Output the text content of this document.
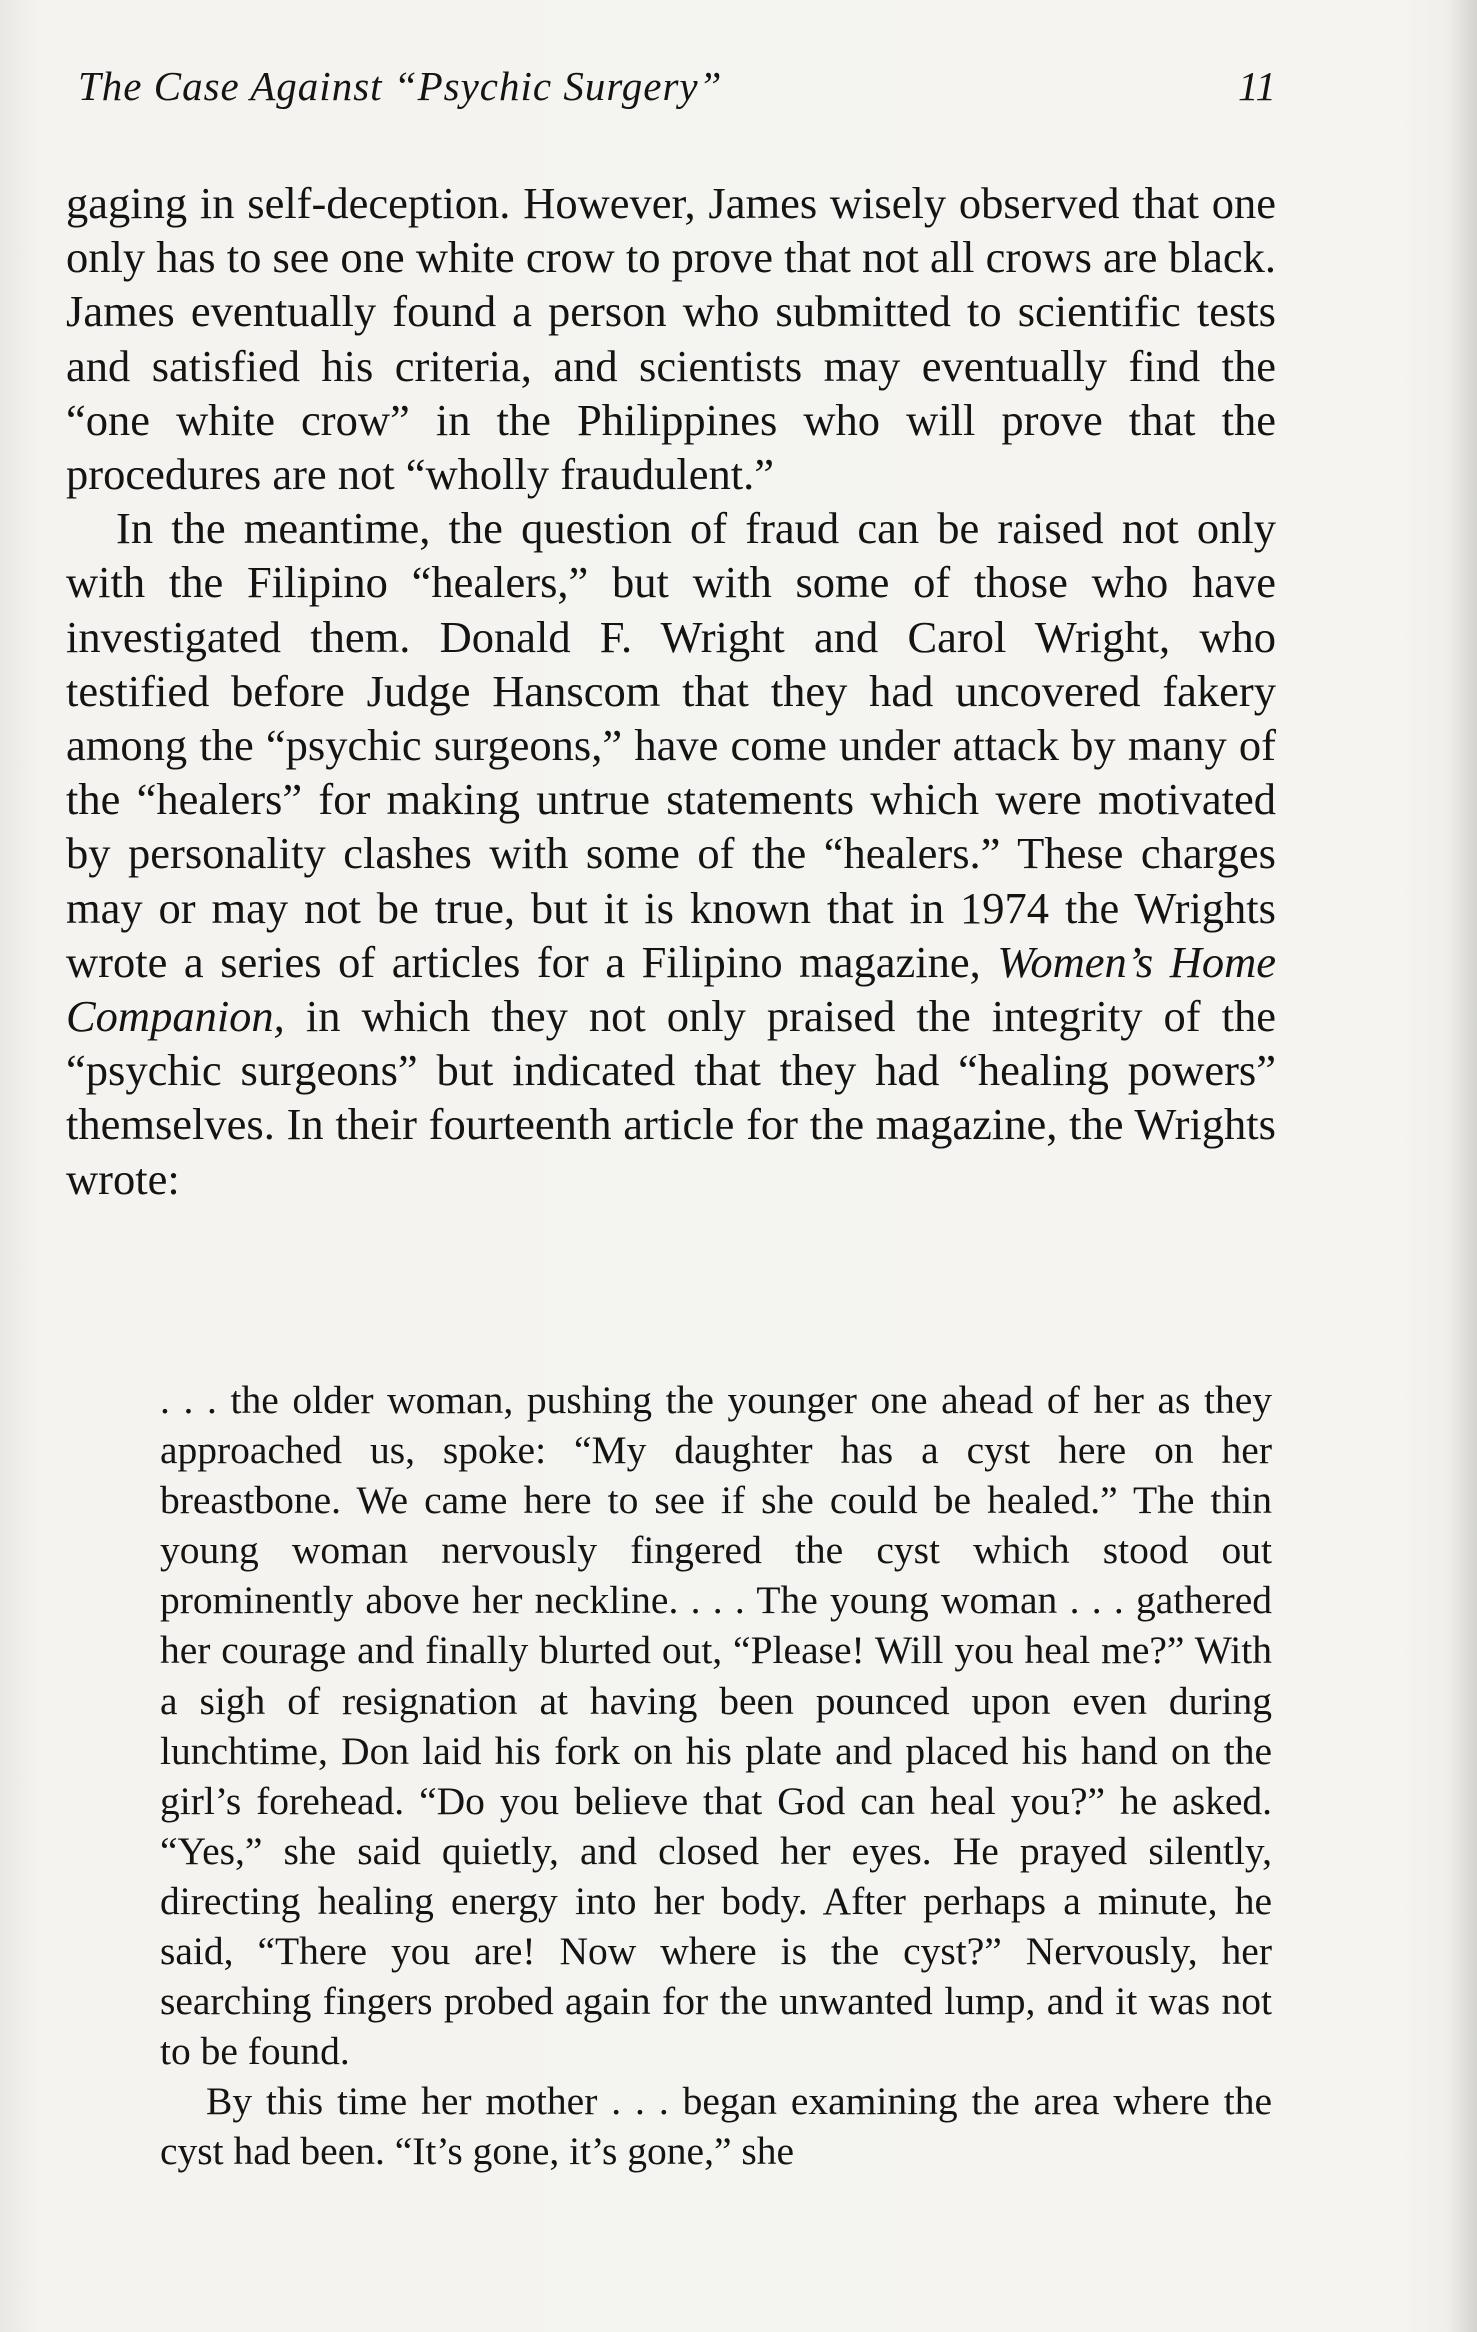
The Case Against “Psychic Surgery”	11

gaging in self-deception. However, James wisely observed that one only has to see one white crow to prove that not all crows are black. James eventually found a person who submitted to scientific tests and satisfied his criteria, and scientists may eventually find the “one white crow” in the Philippines who will prove that the procedures are not “wholly fraudulent.”

In the meantime, the question of fraud can be raised not only with the Filipino “healers,” but with some of those who have investigated them. Donald F. Wright and Carol Wright, who testified before Judge Hanscom that they had uncovered fakery among the “psychic surgeons,” have come under attack by many of the “healers” for making untrue statements which were motivated by personality clashes with some of the “healers.” These charges may or may not be true, but it is known that in 1974 the Wrights wrote a series of articles for a Filipino magazine, Women’s Home Companion, in which they not only praised the integrity of the “psychic surgeons” but indicated that they had “healing powers” themselves. In their fourteenth article for the magazine, the Wrights wrote:

. . . the older woman, pushing the younger one ahead of her as they approached us, spoke: “My daughter has a cyst here on her breastbone. We came here to see if she could be healed.” The thin young woman nervously fingered the cyst which stood out prominently above her neckline. . . . The young woman . . . gathered her courage and finally blurted out, “Please! Will you heal me?” With a sigh of resignation at having been pounced upon even during lunchtime, Don laid his fork on his plate and placed his hand on the girl’s forehead. “Do you believe that God can heal you?” he asked. “Yes,” she said quietly, and closed her eyes. He prayed silently, directing healing energy into her body. After perhaps a minute, he said, “There you are! Now where is the cyst?” Nervously, her searching fingers probed again for the unwanted lump, and it was not to be found.

By this time her mother . . . began examining the area where the cyst had been. “It’s gone, it’s gone,” she
